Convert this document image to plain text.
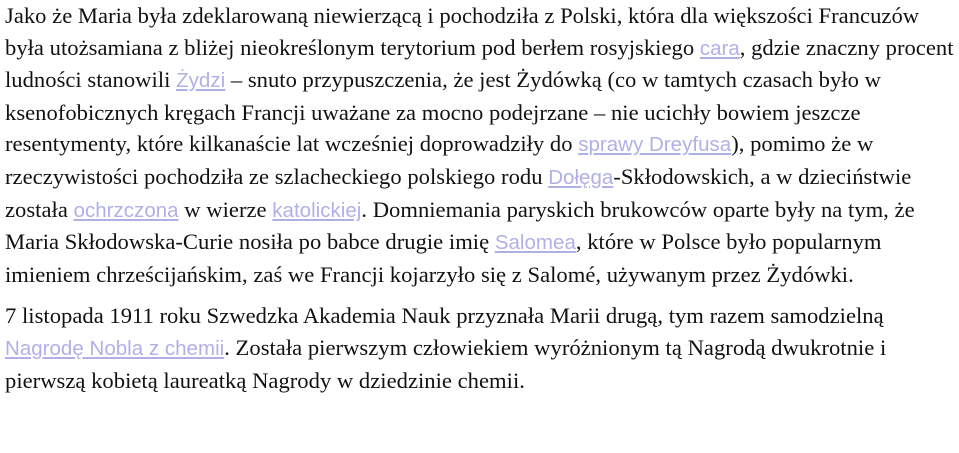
Jako że Maria była zdeklarowaną niewierzącą i pochodziła z Polski, która dla większości Francuzów była utożsamiana z bliżej nieokreślonym terytorium pod berłem rosyjskiego cara, gdzie znaczny procent ludności stanowili Żydzi – snuto przypuszczenia, że jest Żydówką (co w tamtych czasach było w ksenofobicznych kręgach Francji uważane za mocno podejrzane – nie ucichły bowiem jeszcze resentymenty, które kilkanaście lat wcześniej doprowadziły do sprawy Dreyfusa), pomimo że w rzeczywistości pochodziła ze szlacheckiego polskiego rodu Dołęga-Skłodowskich, a w dzieciństwie została ochrzczona w wierze katolickiej. Domniemania paryskich brukowców oparte były na tym, że Maria Skłodowska-Curie nosiła po babce drugie imię Salomea, które w Polsce było popularnym imieniem chrześcijańskim, zaś we Francji kojarzyło się z Salomé, używanym przez Żydówki.

7 listopada 1911 roku Szwedzka Akademia Nauk przyznała Marii drugą, tym razem samodzielną Nagrodę Nobla z chemii. Została pierwszym człowiekiem wyróżnionym tą Nagrodą dwukrotnie i pierwszą kobietą laureatką Nagrody w dziedzinie chemii.
